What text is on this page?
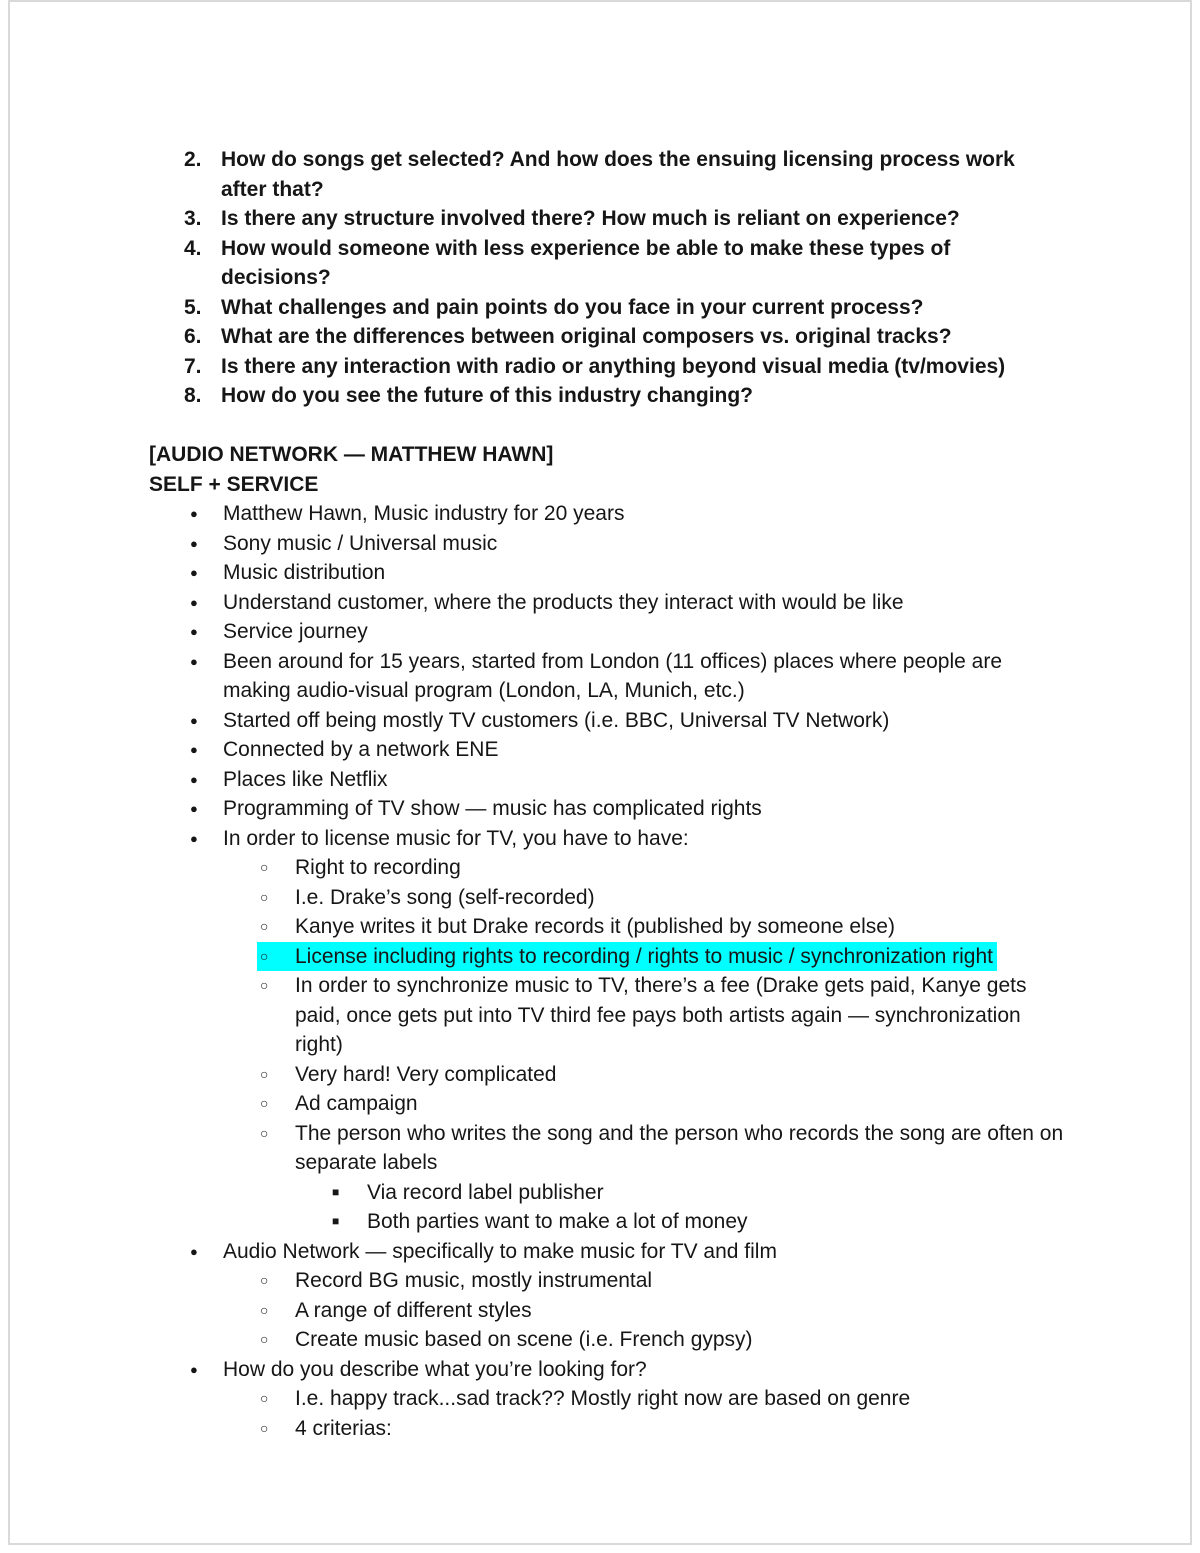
2. How do songs get selected? And how does the ensuing licensing process work after that?
3. Is there any structure involved there? How much is reliant on experience?
4. How would someone with less experience be able to make these types of decisions?
5. What challenges and pain points do you face in your current process?
6. What are the differences between original composers vs. original tracks?
7. Is there any interaction with radio or anything beyond visual media (tv/movies)
8. How do you see the future of this industry changing?
[AUDIO NETWORK — MATTHEW HAWN]
SELF + SERVICE
●	Matthew Hawn, Music industry for 20 years
●	Sony music / Universal music
●	Music distribution
●	Understand customer, where the products they interact with would be like
●	Service journey
●	Been around for 15 years, started from London (11 offices) places where people are making audio-visual program (London, LA, Munich, etc.)
●	Started off being mostly TV customers (i.e. BBC, Universal TV Network)
●	Connected by a network ENE
●	Places like Netflix
●	Programming of TV show — music has complicated rights
●	In order to license music for TV, you have to have:
○	Right to recording
○	I.e. Drake’s song (self-recorded)
○	Kanye writes it but Drake records it (published by someone else)
○	License including rights to recording / rights to music / synchronization right
○	In order to synchronize music to TV, there’s a fee (Drake gets paid, Kanye gets paid, once gets put into TV third fee pays both artists again — synchronization right)
○	Very hard! Very complicated
○	Ad campaign
○	The person who writes the song and the person who records the song are often on separate labels
■	Via record label publisher
■	Both parties want to make a lot of money
●	Audio Network — specifically to make music for TV and film
○	Record BG music, mostly instrumental
○	A range of different styles
○	Create music based on scene (i.e. French gypsy)
●	How do you describe what you’re looking for?
○	I.e. happy track...sad track?? Mostly right now are based on genre
○	4 criterias:
